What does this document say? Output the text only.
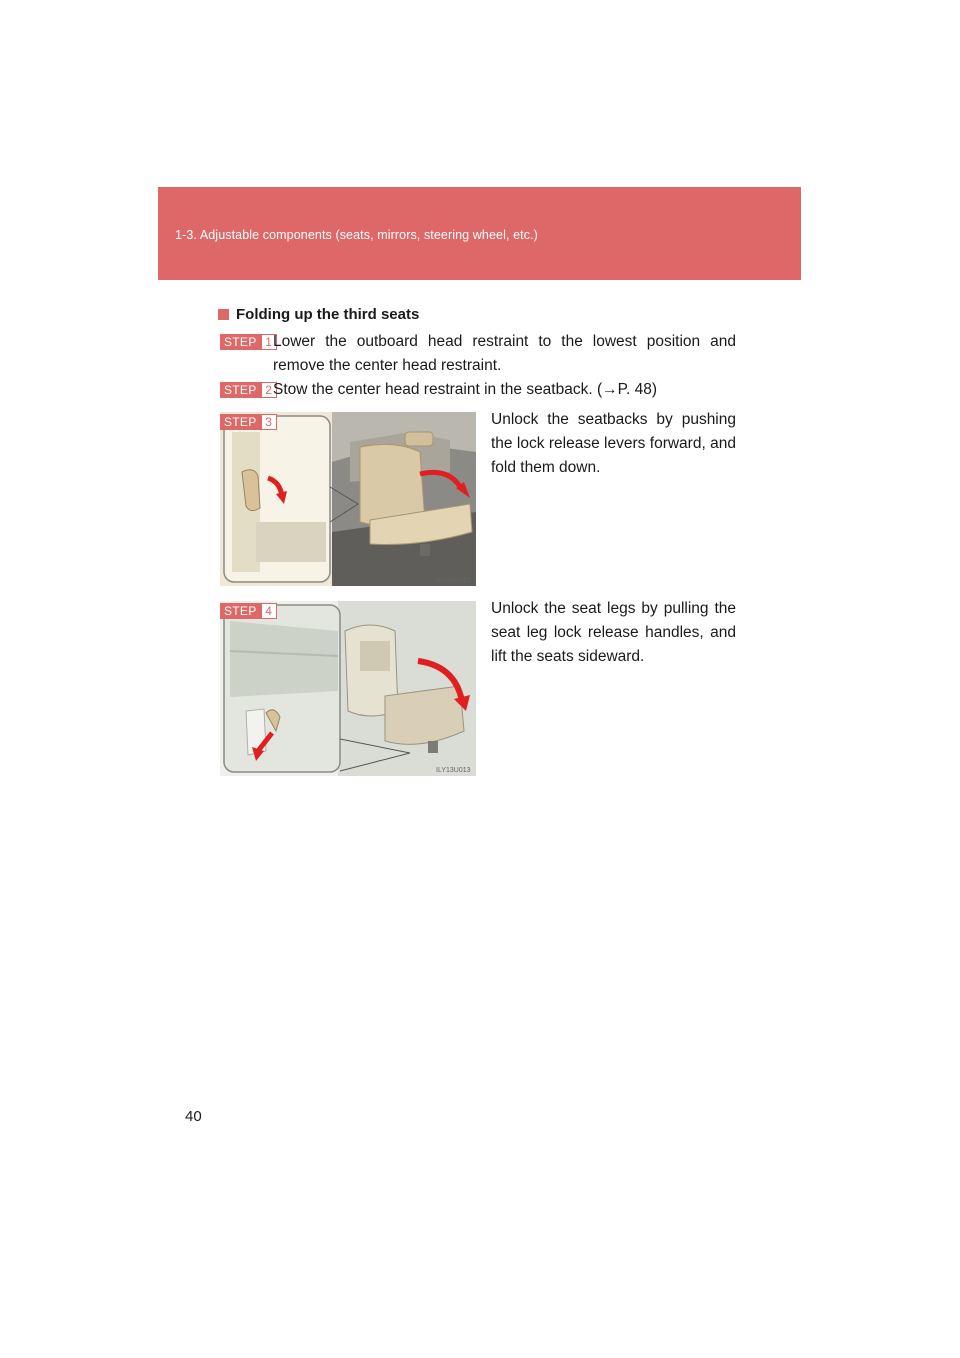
1-3. Adjustable components (seats, mirrors, steering wheel, etc.)
Folding up the third seats
STEP 1 Lower the outboard head restraint to the lowest position and remove the center head restraint.
STEP 2 Stow the center head restraint in the seatback. (→P. 48)
STEP 3
ILY13U012
Unlock the seatbacks by pushing the lock release levers forward, and fold them down.
STEP 4
ILY13U013
Unlock the seat legs by pulling the seat leg lock release handles, and lift the seats sideward.
40
